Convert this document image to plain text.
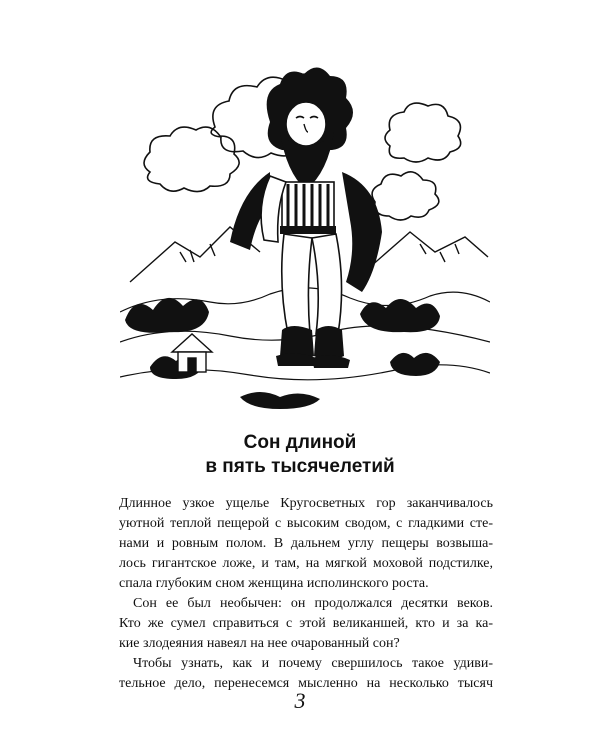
Сон длиной
в пять тысячелетий
Длинное узкое ущелье Кругосветных гор заканчивалось
уютной теплой пещерой с высоким сводом, с гладкими сте-
нами и ровным полом. В дальнем углу пещеры возвыша-
лось гигантское ложе, и там, на мягкой моховой подстилке,
спала глубоким сном женщина исполинского роста.
Сон ее был необычен: он продолжался десятки веков.
Кто же сумел справиться с этой великаншей, кто и за ка-
кие злодеяния навеял на нее очарованный сон?
Чтобы узнать, как и почему свершилось такое удиви-
тельное дело, перенесемся мысленно на несколько тысяч
3
